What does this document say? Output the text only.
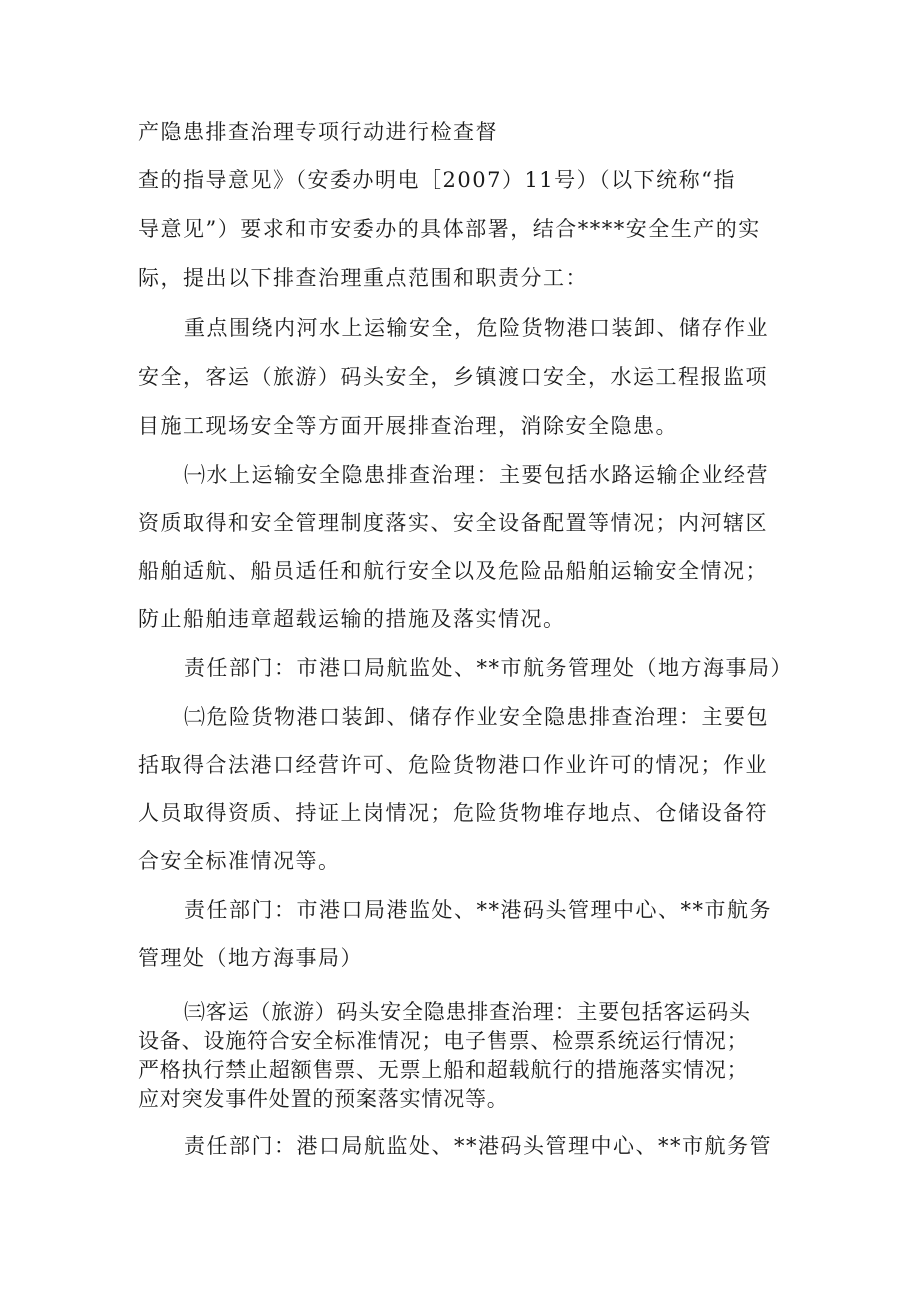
产隐患排查治理专项行动进行检查督
查的指导意见》（安委办明电［2007）11号）（以下统称“指
导意见”）要求和市安委办的具体部署，结合****安全生产的实
际，提出以下排查治理重点范围和职责分工：
重点围绕内河水上运输安全，危险货物港口装卸、储存作业
安全，客运（旅游）码头安全，乡镇渡口安全，水运工程报监项
目施工现场安全等方面开展排查治理，消除安全隐患。
㈠水上运输安全隐患排查治理：主要包括水路运输企业经营
资质取得和安全管理制度落实、安全设备配置等情况；内河辖区
船舶适航、船员适任和航行安全以及危险品船舶运输安全情况；
防止船舶违章超载运输的措施及落实情况。
责任部门：市港口局航监处、**市航务管理处（地方海事局）
㈡危险货物港口装卸、储存作业安全隐患排查治理：主要包
括取得合法港口经营许可、危险货物港口作业许可的情况；作业
人员取得资质、持证上岗情况；危险货物堆存地点、仓储设备符
合安全标准情况等。
责任部门：市港口局港监处、**港码头管理中心、**市航务
管理处（地方海事局）
㈢客运（旅游）码头安全隐患排查治理：主要包括客运码头
设备、设施符合安全标准情况；电子售票、检票系统运行情况；
严格执行禁止超额售票、无票上船和超载航行的措施落实情况；
应对突发事件处置的预案落实情况等。
责任部门：港口局航监处、**港码头管理中心、**市航务管
